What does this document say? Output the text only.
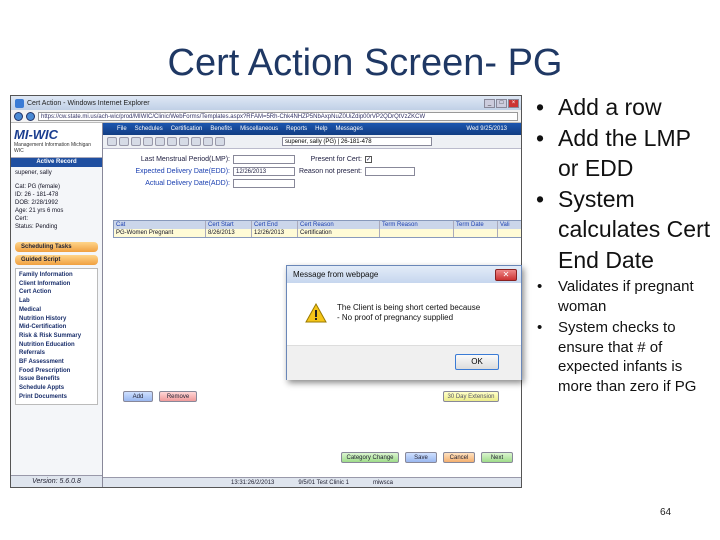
Cert Action Screen- PG
Cert Action - Windows Internet Explorer	_	□	×
https://cw.state.mi.us/ach-wic/prod/MIWIC/Clinic/WebForms/Templates.aspx?RFAM=5Rh-Chk4NHZP5NbAxpNuZ0UiZdip00rVP2QDrQtVzZKCW
MI-WIC
Management Information Michigan WIC
Active Record
supener, sally
Cat: PG (female)
ID: 26 - 181-478
DOB: 2/28/1992
Age: 21 yrs 6 mos
Cert:
Status: Pending
Scheduling Tasks
Guided Script
Family Information
Client Information
Cert Action
Lab
Medical
Nutrition History
Mid-Certification
Risk & Risk Summary
Nutrition Education
Referrals
BF Assessment
Food Prescription
Issue Benefits
Schedule Appts
Print Documents
Version: 5.6.0.8
File Schedules Certification Benefits Miscellaneous Reports Help Messages	Wed 9/25/2013
supener, sally (PG) | 26-181-478
Last Menstrual Period(LMP):	Present for Cert: ✓
Expected Delivery Date(EDD):	12/26/2013	Reason not present:
Actual Delivery Date(ADD):
Cat	Cert Start	Cert End	Cert Reason	Term Reason	Term Date	Vali
PG-Women Pregnant	8/26/2013	12/26/2013	Certification
Add	Remove	30 Day Extension
Category Change	Save	Cancel	Next
13:31:26/2/2013	9/5/01 Test Clinic 1	miwsca
Message from webpage	✕
The Client is being short certed because
- No proof of pregnancy supplied
OK
• Add a row
• Add the LMP or EDD
• System calculates Cert End Date
• Validates if pregnant woman
• System checks to ensure that # of expected infants is more than zero if PG
64
